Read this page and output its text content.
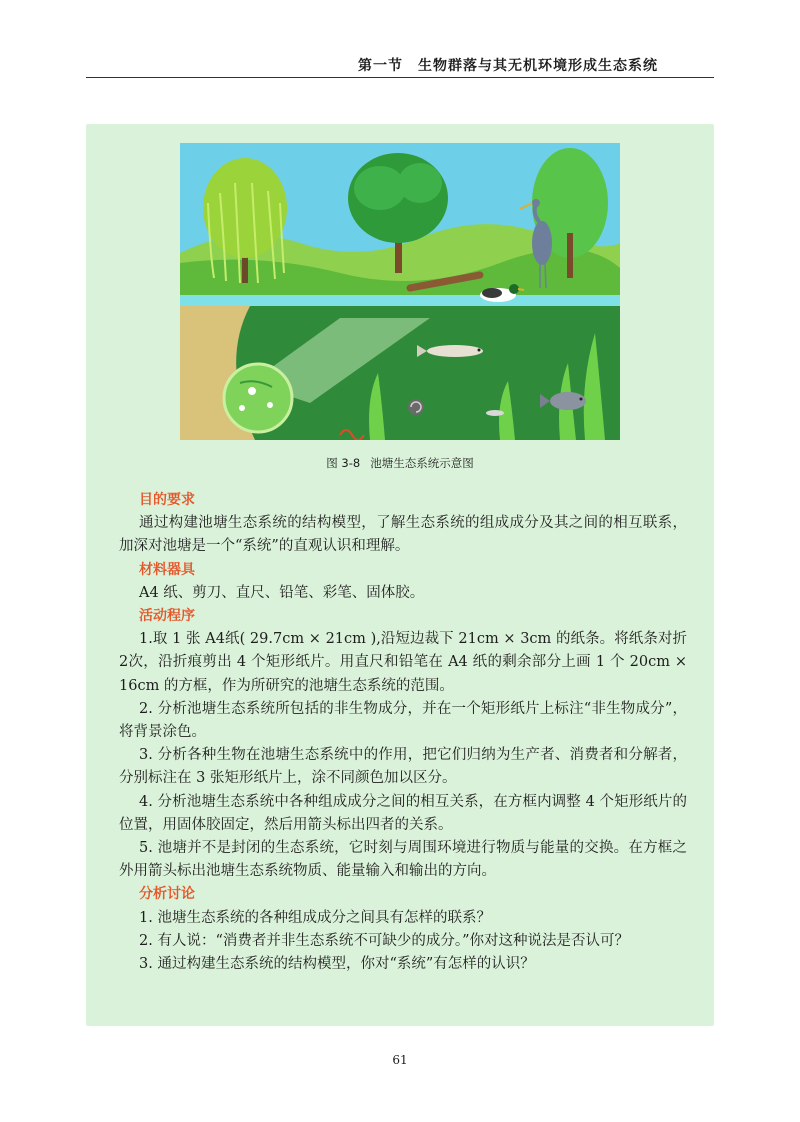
第一节　生物群落与其无机环境形成生态系统
图 3-8 池塘生态系统示意图
目的要求
通过构建池塘生态系统的结构模型，了解生态系统的组成成分及其之间的相互联系，加深对池塘是一个“系统”的直观认识和理解。
材料器具
A4 纸、剪刀、直尺、铅笔、彩笔、固体胶。
活动程序
1.取 1 张 A4纸( 29.7cm × 21cm ),沿短边裁下 21cm × 3cm 的纸条。将纸条对折 2次，沿折痕剪出 4 个矩形纸片。用直尺和铅笔在 A4 纸的剩余部分上画 1 个 20cm × 16cm 的方框，作为所研究的池塘生态系统的范围。
2. 分析池塘生态系统所包括的非生物成分，并在一个矩形纸片上标注“非生物成分”，将背景涂色。
3. 分析各种生物在池塘生态系统中的作用，把它们归纳为生产者、消费者和分解者，分别标注在 3 张矩形纸片上，涂不同颜色加以区分。
4. 分析池塘生态系统中各种组成成分之间的相互关系，在方框内调整 4 个矩形纸片的位置，用固体胶固定，然后用箭头标出四者的关系。
5. 池塘并不是封闭的生态系统，它时刻与周围环境进行物质与能量的交换。在方框之外用箭头标出池塘生态系统物质、能量输入和输出的方向。
分析讨论
1. 池塘生态系统的各种组成成分之间具有怎样的联系？
2. 有人说：“消费者并非生态系统不可缺少的成分。”你对这种说法是否认可？
3. 通过构建生态系统的结构模型，你对“系统”有怎样的认识？
61
